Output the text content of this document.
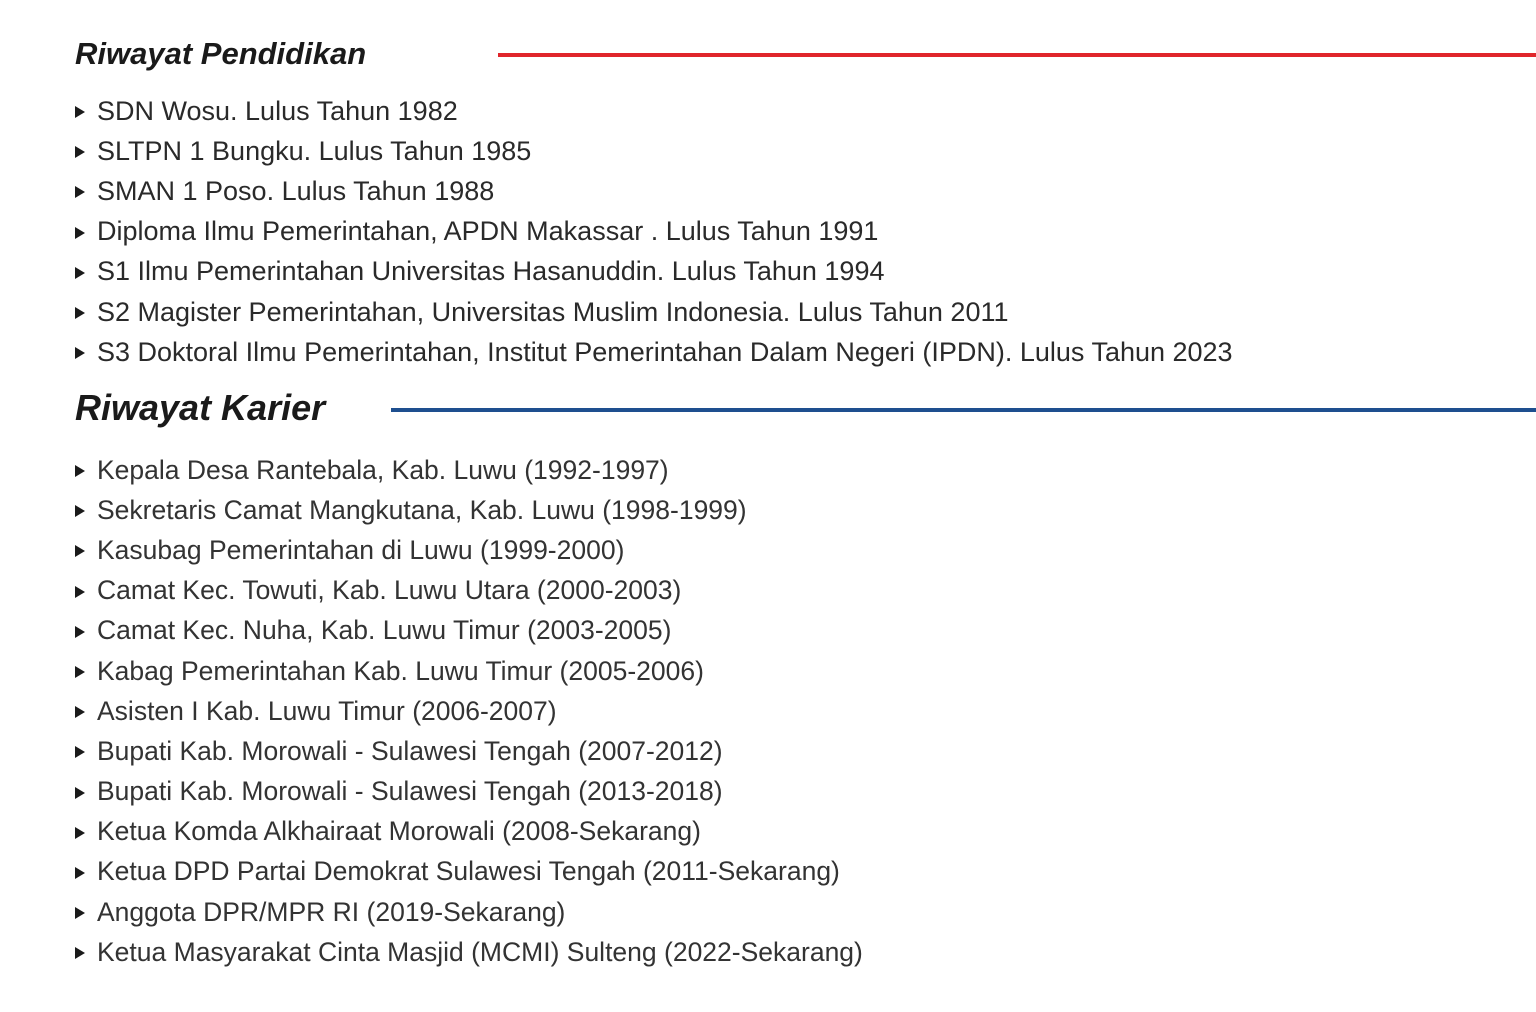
Riwayat Pendidikan
SDN Wosu. Lulus Tahun 1982
SLTPN 1 Bungku. Lulus Tahun 1985
SMAN 1 Poso. Lulus Tahun 1988
Diploma Ilmu Pemerintahan, APDN Makassar . Lulus Tahun 1991
S1 Ilmu Pemerintahan Universitas Hasanuddin. Lulus Tahun 1994
S2 Magister Pemerintahan, Universitas Muslim Indonesia. Lulus Tahun 2011
S3 Doktoral Ilmu Pemerintahan, Institut Pemerintahan Dalam Negeri (IPDN). Lulus Tahun 2023
Riwayat Karier
Kepala Desa Rantebala, Kab. Luwu (1992-1997)
Sekretaris Camat Mangkutana, Kab. Luwu (1998-1999)
Kasubag Pemerintahan di Luwu (1999-2000)
Camat Kec. Towuti, Kab. Luwu Utara (2000-2003)
Camat Kec. Nuha, Kab. Luwu Timur (2003-2005)
Kabag Pemerintahan Kab. Luwu Timur (2005-2006)
Asisten I Kab. Luwu Timur (2006-2007)
Bupati Kab. Morowali - Sulawesi Tengah (2007-2012)
Bupati Kab. Morowali - Sulawesi Tengah (2013-2018)
Ketua Komda Alkhairaat Morowali (2008-Sekarang)
Ketua DPD Partai Demokrat Sulawesi Tengah (2011-Sekarang)
Anggota DPR/MPR RI (2019-Sekarang)
Ketua Masyarakat Cinta Masjid (MCMI) Sulteng (2022-Sekarang)
